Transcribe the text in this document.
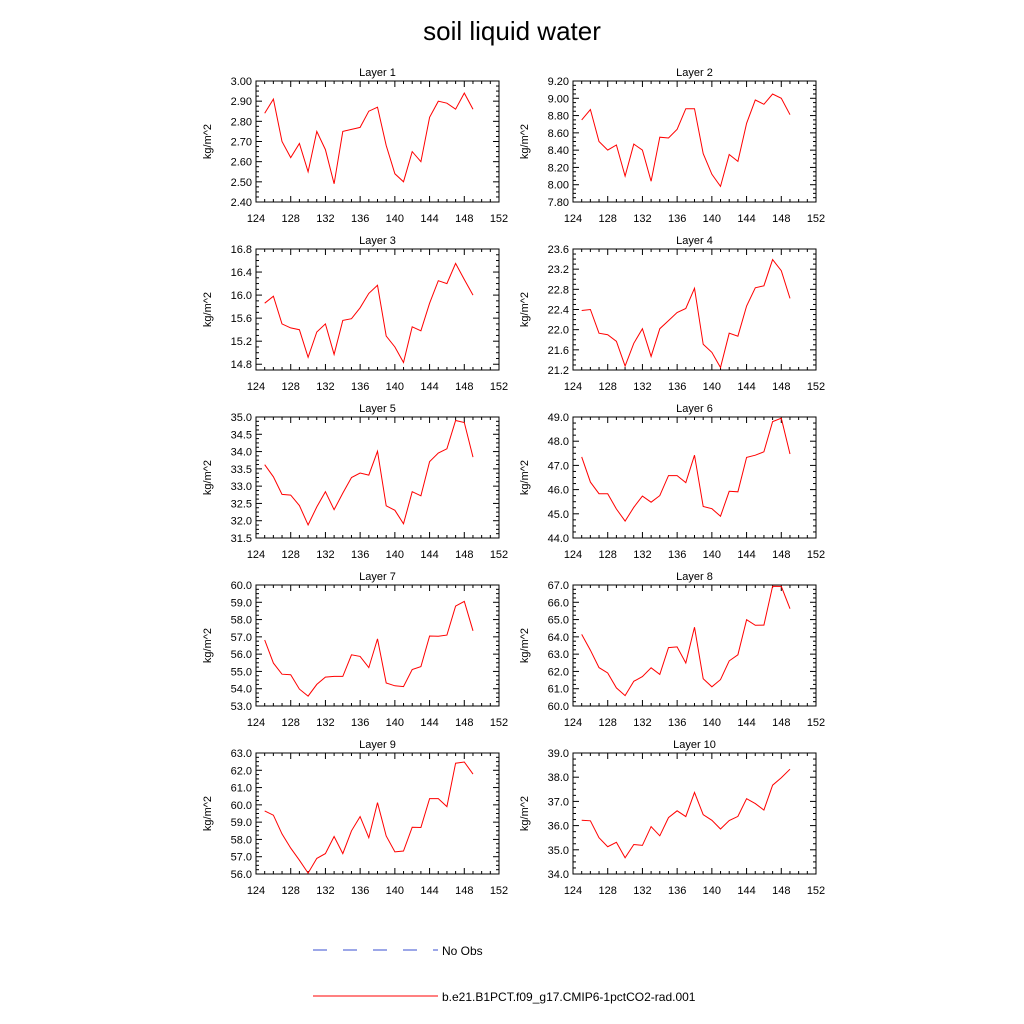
soil liquid water
Layer 1
kg/m^2
124 128 132 136 140 144 148 152
2.40
2.50
2.60
2.70
2.80
2.90
3.00
Layer 2
kg/m^2
124 128 132 136 140 144 148 152
7.80
8.00
8.20
8.40
8.60
8.80
9.00
9.20
Layer 3
kg/m^2
124 128 132 136 140 144 148 152
14.8
15.2
15.6
16.0
16.4
16.8
Layer 4
kg/m^2
124 128 132 136 140 144 148 152
21.2
21.6
22.0
22.4
22.8
23.2
23.6
Layer 5
kg/m^2
124 128 132 136 140 144 148 152
31.5
32.0
32.5
33.0
33.5
34.0
34.5
35.0
Layer 6
kg/m^2
124 128 132 136 140 144 148 152
44.0
45.0
46.0
47.0
48.0
49.0
Layer 7
kg/m^2
124 128 132 136 140 144 148 152
53.0
54.0
55.0
56.0
57.0
58.0
59.0
60.0
Layer 8
kg/m^2
124 128 132 136 140 144 148 152
60.0
61.0
62.0
63.0
64.0
65.0
66.0
67.0
Layer 9
kg/m^2
124 128 132 136 140 144 148 152
56.0
57.0
58.0
59.0
60.0
61.0
62.0
63.0
Layer 10
kg/m^2
124 128 132 136 140 144 148 152
34.0
35.0
36.0
37.0
38.0
39.0
No Obs
b.e21.B1PCT.f09_g17.CMIP6-1pctCO2-rad.001
